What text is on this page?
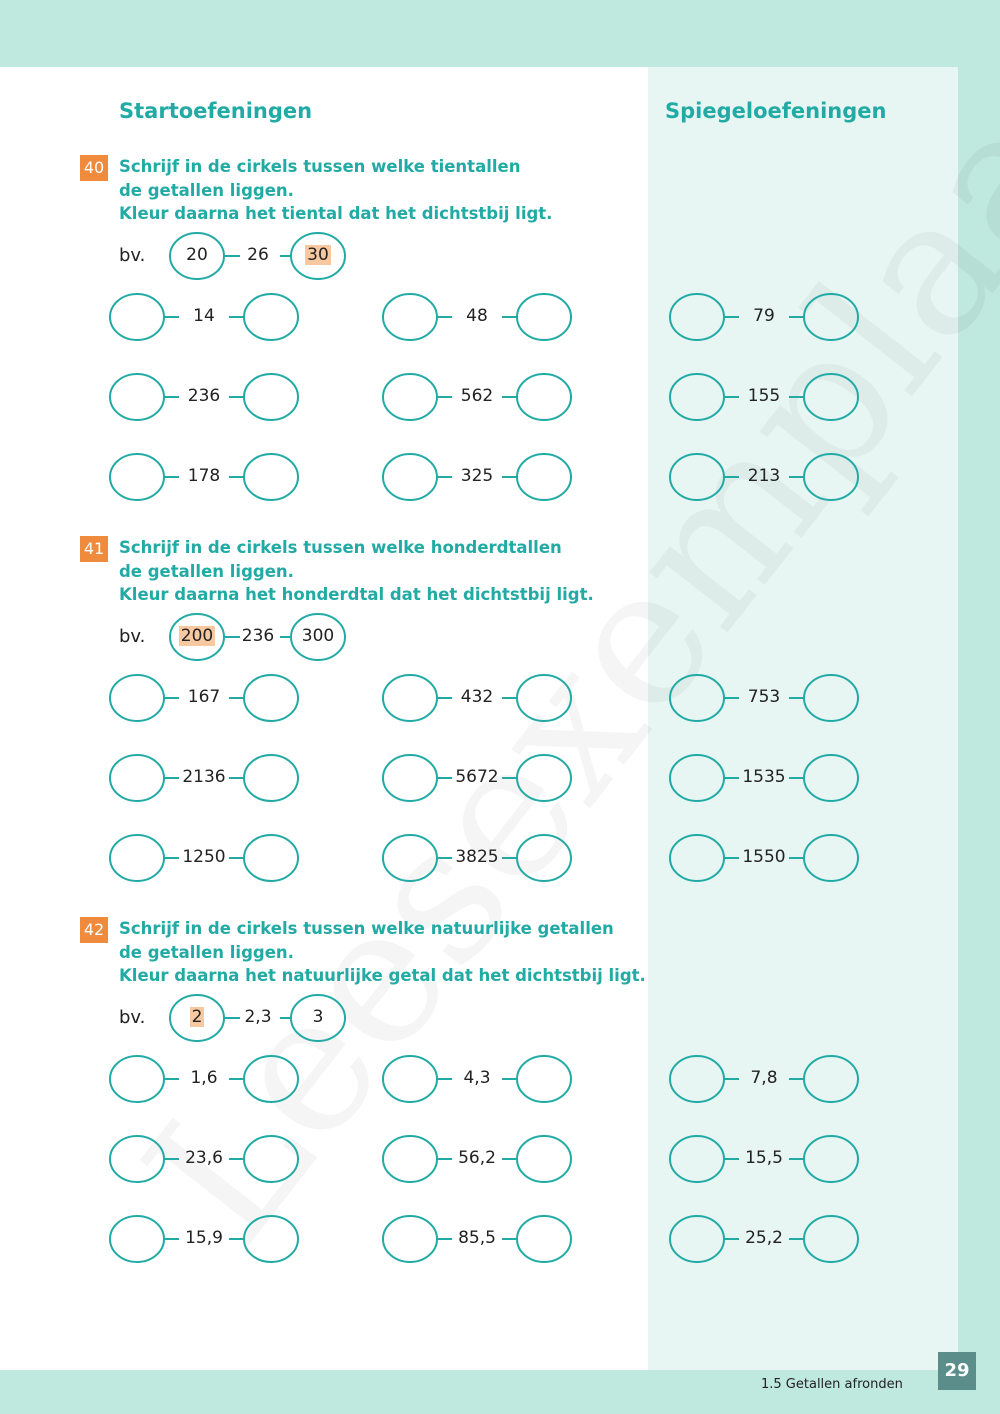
Startoefeningen	Spiegeloefeningen
40 Schrijf in de cirkels tussen welke tientallen
de getallen liggen.
Kleur daarna het tiental dat het dichtstbij ligt.
bv.	20	26	30
14	48	79
236	562	155
178	325	213
41 Schrijf in de cirkels tussen welke honderdtallen
de getallen liggen.
Kleur daarna het honderdtal dat het dichtstbij ligt.
bv.	200	236	300
167	432	753
2136	5672	1535
1250	3825	1550
42 Schrijf in de cirkels tussen welke natuurlijke getallen
de getallen liggen.
Kleur daarna het natuurlijke getal dat het dichtstbij ligt.
bv.	2	2,3	3
1,6	4,3	7,8
23,6	56,2	15,5
15,9	85,5	25,2
1.5 Getallen afronden
29
